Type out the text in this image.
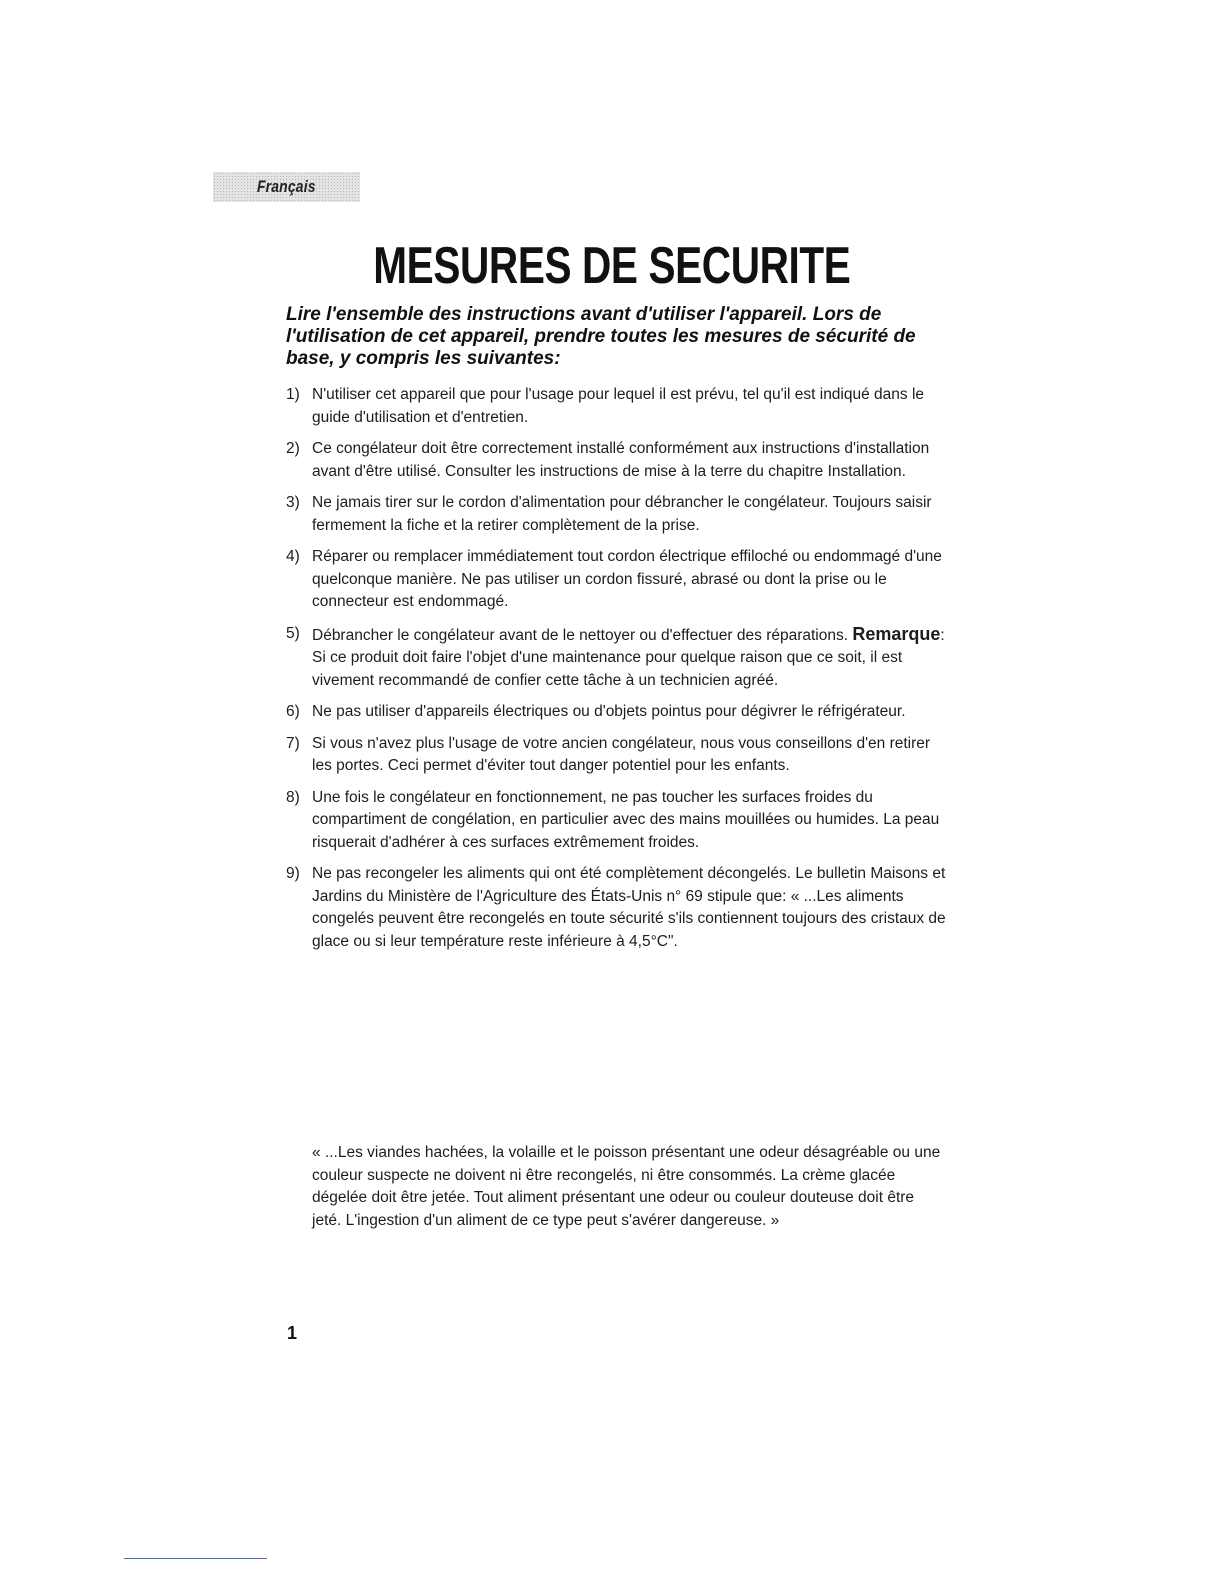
Français
MESURES DE SECURITE
Lire l'ensemble des instructions avant d'utiliser l'appareil. Lors de l'utilisation de cet appareil, prendre toutes les mesures de sécurité de base, y compris les suivantes:
1) N'utiliser cet appareil que pour l'usage pour lequel il est prévu, tel qu'il est indiqué dans le guide d'utilisation et d'entretien.
2) Ce congélateur doit être correctement installé conformément aux instructions d'installation avant d'être utilisé. Consulter les instructions de mise à la terre du chapitre Installation.
3) Ne jamais tirer sur le cordon d'alimentation pour débrancher le congélateur. Toujours saisir fermement la fiche et la retirer complètement de la prise.
4) Réparer ou remplacer immédiatement tout cordon électrique effiloché ou endommagé d'une quelconque manière. Ne pas utiliser un cordon fissuré, abrasé ou dont la prise ou le connecteur est endommagé.
5) Débrancher le congélateur avant de le nettoyer ou d'effectuer des réparations. Remarque: Si ce produit doit faire l'objet d'une maintenance pour quelque raison que ce soit, il est vivement recommandé de confier cette tâche à un technicien agréé.
6) Ne pas utiliser d'appareils électriques ou d'objets pointus pour dégivrer le réfrigérateur.
7) Si vous n'avez plus l'usage de votre ancien congélateur, nous vous conseillons d'en retirer les portes. Ceci permet d'éviter tout danger potentiel pour les enfants.
8) Une fois le congélateur en fonctionnement, ne pas toucher les surfaces froides du compartiment de congélation, en particulier avec des mains mouillées ou humides. La peau risquerait d'adhérer à ces surfaces extrêmement froides.
9) Ne pas recongeler les aliments qui ont été complètement décongelés. Le bulletin Maisons et Jardins du Ministère de l'Agriculture des États-Unis n° 69 stipule que: « ...Les aliments congelés peuvent être recongelés en toute sécurité s'ils contiennent toujours des cristaux de glace ou si leur température reste inférieure à 4,5°C".
« ...Les viandes hachées, la volaille et le poisson présentant une odeur désagréable ou une couleur suspecte ne doivent ni être recongelés, ni être consommés. La crème glacée dégelée doit être jetée. Tout aliment présentant une odeur ou couleur douteuse doit être jeté. L'ingestion d'un aliment de ce type peut s'avérer dangereuse. »
1
